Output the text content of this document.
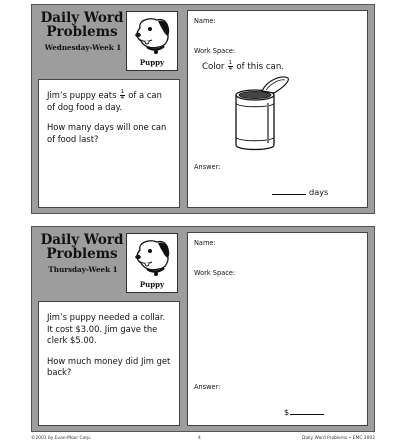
Daily Word Problems
Wednesday-Week 1
Puppy

Jim’s puppy eats $\frac{1}{4}$ of a can of dog food a day.

How many days will one can of food last?

Name:
Work Space:
Color $\frac{1}{4}$ of this can.
Answer:
days
Daily Word Problems
Thursday-Week 1
Puppy

Jim’s puppy needed a collar. It cost $3.00. Jim gave the clerk $5.00.

How much money did Jim get back?

Name:
Work Space:
Answer:
$
©2001 by Evan-Moor Corp.	4	Daily Word Problems • EMC 3002
